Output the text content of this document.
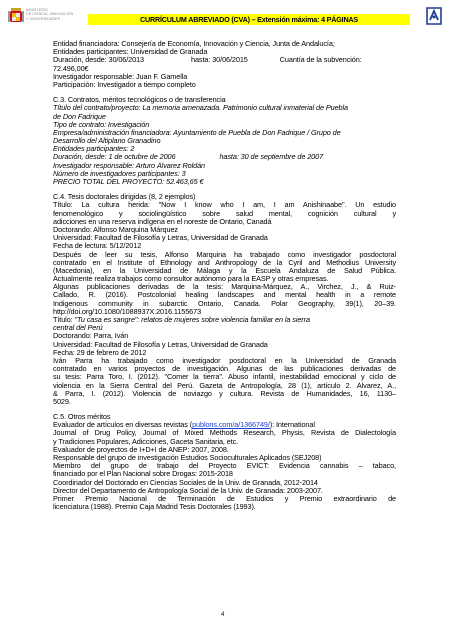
MINISTERIO
DE CIENCIA, INNOVACIÓN
Y UNIVERSIDADES	CURRÍCULUM ABREVIADO (CVA) – Extensión máxima: 4 PÁGINAS
Entidad financiadora: Consejería de Economía, Innovación y Ciencia, Junta de Andalucía;
Entidades participantes: Universidad de Granada
Duración, desde: 30/06/2013	hasta: 30/06/2015	Cuantía de la subvención:
72.496,00€
Investigador responsable: Juan F. Gamella
Participación: Investigador a tiempo completo
C.3. Contratos, méritos tecnológicos o de transferencia
Título del contrato/proyecto: La memoria amenazada. Patrimonio cultural inmaterial de Puebla
de Don Fadrique
Tipo de contrato: Investigación
Empresa/administración financiadora: Ayuntamiento de Puebla de Don Fadrique / Grupo de
Desarrollo del Altiplano Granadino
Entidades participantes: 2
Duración, desde: 1 de octubre de 2006	hasta: 30 de septiembre de 2007
Investigador responsable: Arturo Álvarez Roldán
Número de investigadores participantes: 3
PRECIO TOTAL DEL PROYECTO: 52.463,65 €
C.4. Tesis doctorales dirigidas (8, 2 ejemplos)
Título: La cultura herida: "Now I know who I am, I am Anishinaabe". Un estudio
fenomenológico y sociolingüístico sobre salud mental, cognición cultural y
adicciones en una reserva indígena en el noreste de Ontario, Canadá
Doctorando: Alfonso Marquina Márquez
Universidad: Facultad de Filosofía y Letras, Universidad de Granada
Fecha de lectura: 5/12/2012
Después de leer su tesis, Alfonso Marquina ha trabajado como investigador posdoctoral
contratado en el Institute of Ethnology and Anthropology de la Cyril and Methodius University
(Macedonia), en la Universidad de Málaga y la Escuela Andaluza de Salud Pública.
Actualmente realiza trabajos como consultor autónomo para la EASP y otras empresas.
Algunas publicaciones derivadas de la tesis: Marquina-Márquez, A., Virchez, J., & Ruiz-
Callado, R. (2016). Postcolonial healing landscapes and mental health in a remote
Indigenous community in subarctic Ontario, Canada. Polar Geography, 39(1), 20–39.
http://doi.org/10.1080/1088937X.2016.1155673
Título: "Tu casa es sangre": relatos de mujeres sobre violencia familiar en la sierra
central del Perú
Doctorando: Parra, Iván
Universidad: Facultad de Filosofía y Letras, Universidad de Granada
Fecha: 29 de febrero de 2012
Iván Parra ha trabajado como investigador posdoctoral en la Universidad de Granada
contratado en varios proyectos de investigación. Algunas de las publicaciones derivadas de
su tesis: Parra Toro, I. (2012). "Comer la tierra". Abuso infantil, inestabilidad emocional y ciclo de
violencia en la Sierra Central del Perú. Gazeta de Antropología, 28 (1), artículo 2. Álvarez, A.,
& Parra, I. (2012). Violencia de noviazgo y cultura. Revista de Humanidades, 16, 1130–
5029.
C.5. Otros méritos
Evaluador de artículos en diversas revistas (publons.com/a/1366749/): International
Journal of Drug Policy, Journal of Mixed Methods Research, Physis, Revista de Dialectología
y Tradiciones Populares, Adicciones, Gaceta Sanitaria, etc.
Evaluador de proyectos de I+D+I de ANEP: 2007, 2008.
Responsable del grupo de investigación Estudios Socioculturales Aplicados (SEJ208)
Miembro del grupo de trabajo del Proyecto EVICT: Evidencia cannabis – tabaco,
financiado por el Plan Nacional sobre Drogas: 2015-2018
Coordinador del Doctorado en Ciencias Sociales de la Univ. de Granada, 2012-2014
Director del Departamento de Antropología Social de la Univ. de Granada: 2003-2007.
Primer Premio Nacional de Terminación de Estudios y Premio extraordinario de
licenciatura (1988). Premio Caja Madrid Tesis Doctorales (1993).
4
